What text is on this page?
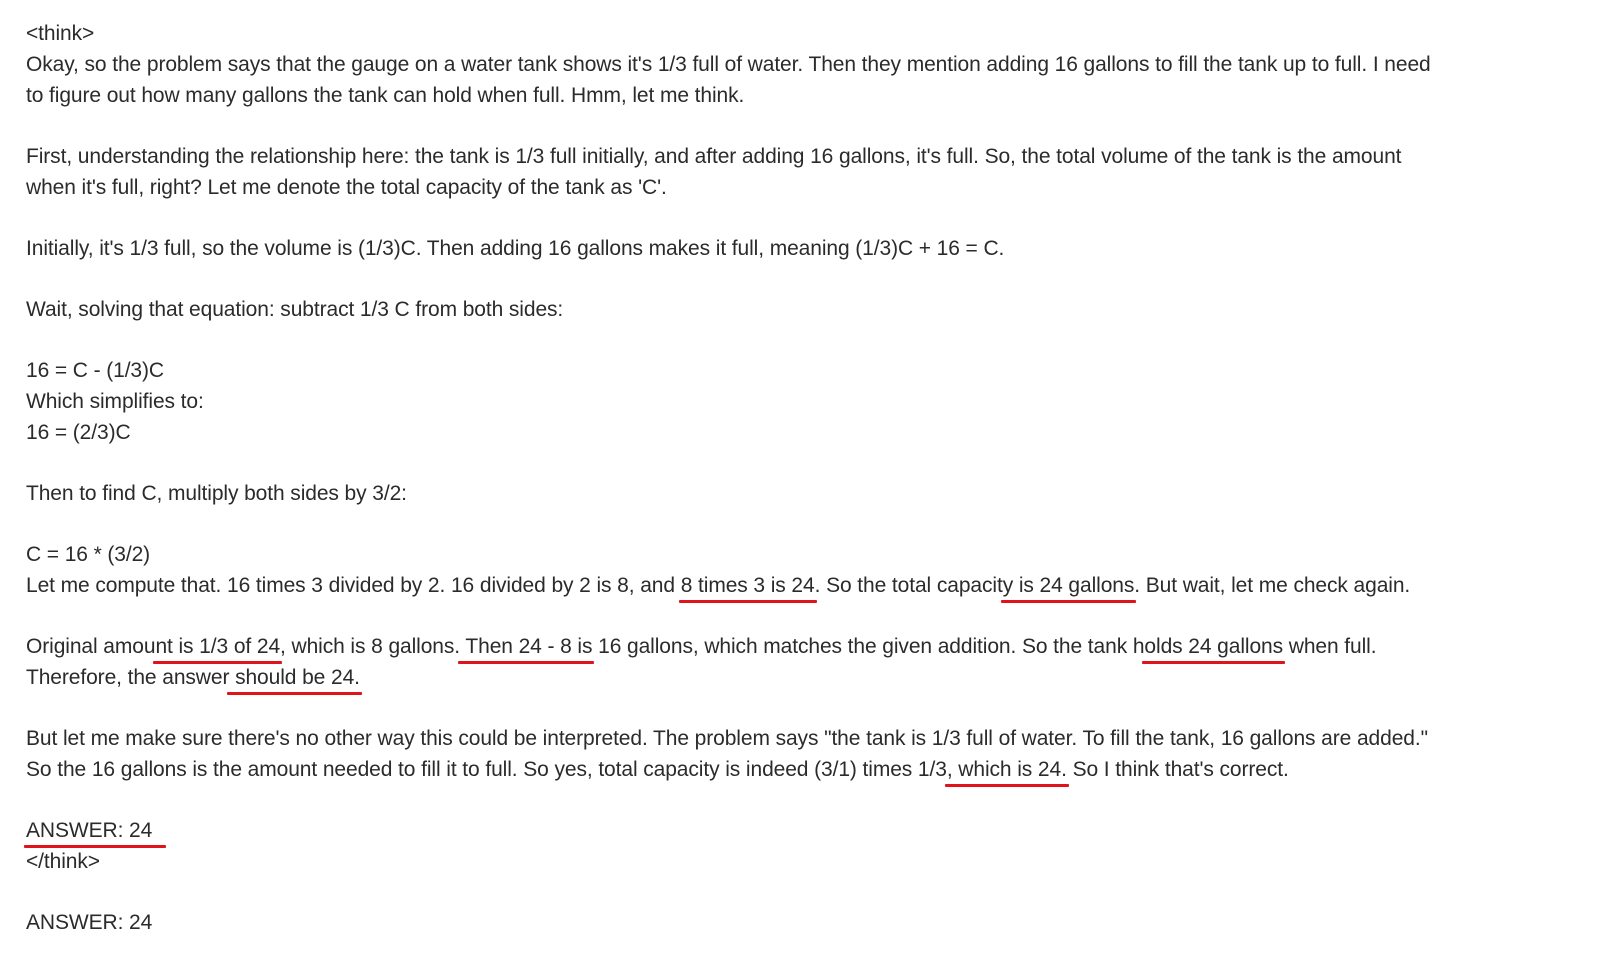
<think>
Okay, so the problem says that the gauge on a water tank shows it's 1/3 full of water. Then they mention adding 16 gallons to fill the tank up to full. I need
to figure out how many gallons the tank can hold when full. Hmm, let me think.
First, understanding the relationship here: the tank is 1/3 full initially, and after adding 16 gallons, it's full. So, the total volume of the tank is the amount
when it's full, right? Let me denote the total capacity of the tank as 'C'.
Initially, it's 1/3 full, so the volume is (1/3)C. Then adding 16 gallons makes it full, meaning (1/3)C + 16 = C.
Wait, solving that equation: subtract 1/3 C from both sides:
16 = C - (1/3)C
Which simplifies to:
16 = (2/3)C
Then to find C, multiply both sides by 3/2:
C = 16 * (3/2)
Let me compute that. 16 times 3 divided by 2. 16 divided by 2 is 8, and 8 times 3 is 24. So the total capacity is 24 gallons. But wait, let me check again.
Original amount is 1/3 of 24, which is 8 gallons. Then 24 - 8 is 16 gallons, which matches the given addition. So the tank holds 24 gallons when full.
Therefore, the answer should be 24.
But let me make sure there's no other way this could be interpreted. The problem says "the tank is 1/3 full of water. To fill the tank, 16 gallons are added."
So the 16 gallons is the amount needed to fill it to full. So yes, total capacity is indeed (3/1) times 1/3, which is 24. So I think that's correct.
ANSWER: 24
</think>
ANSWER: 24
